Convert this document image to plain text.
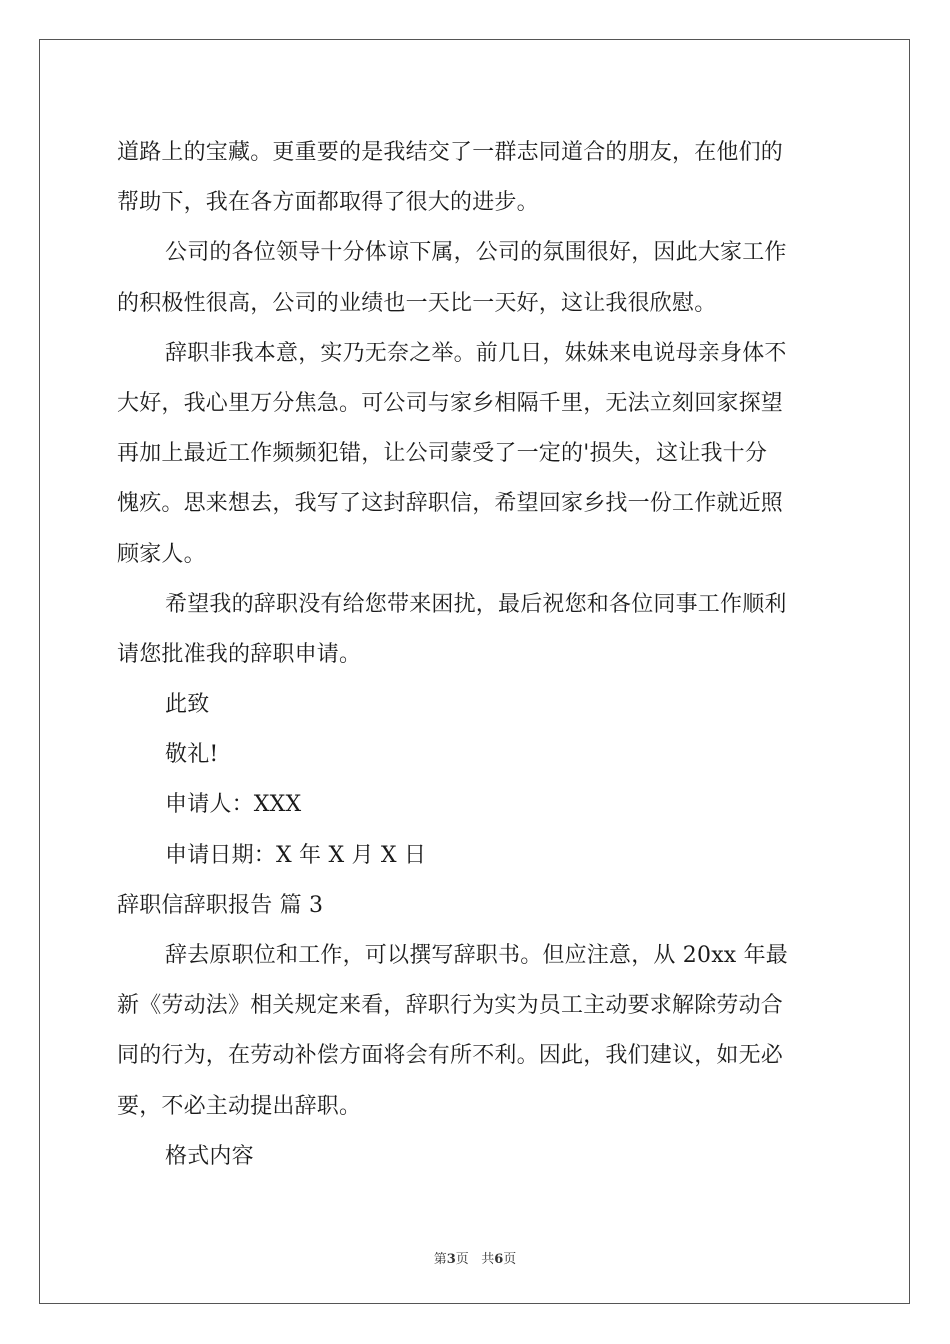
道路上的宝藏。更重要的是我结交了一群志同道合的朋友，在他们的
帮助下，我在各方面都取得了很大的进步。
公司的各位领导十分体谅下属，公司的氛围很好，因此大家工作
的积极性很高，公司的业绩也一天比一天好，这让我很欣慰。
辞职非我本意，实乃无奈之举。前几日，妹妹来电说母亲身体不
大好，我心里万分焦急。可公司与家乡相隔千里，无法立刻回家探望
再加上最近工作频频犯错，让公司蒙受了一定的'损失，这让我十分
愧疚。思来想去，我写了这封辞职信，希望回家乡找一份工作就近照
顾家人。
希望我的辞职没有给您带来困扰，最后祝您和各位同事工作顺利
请您批准我的辞职申请。
此致
敬礼!
申请人：XXX
申请日期：X 年 X 月 X 日
辞职信辞职报告 篇 3
辞去原职位和工作，可以撰写辞职书。但应注意，从 20xx 年最
新《劳动法》相关规定来看，辞职行为实为员工主动要求解除劳动合
同的行为，在劳动补偿方面将会有所不利。因此，我们建议，如无必
要，不必主动提出辞职。
格式内容
第3页 共6页
